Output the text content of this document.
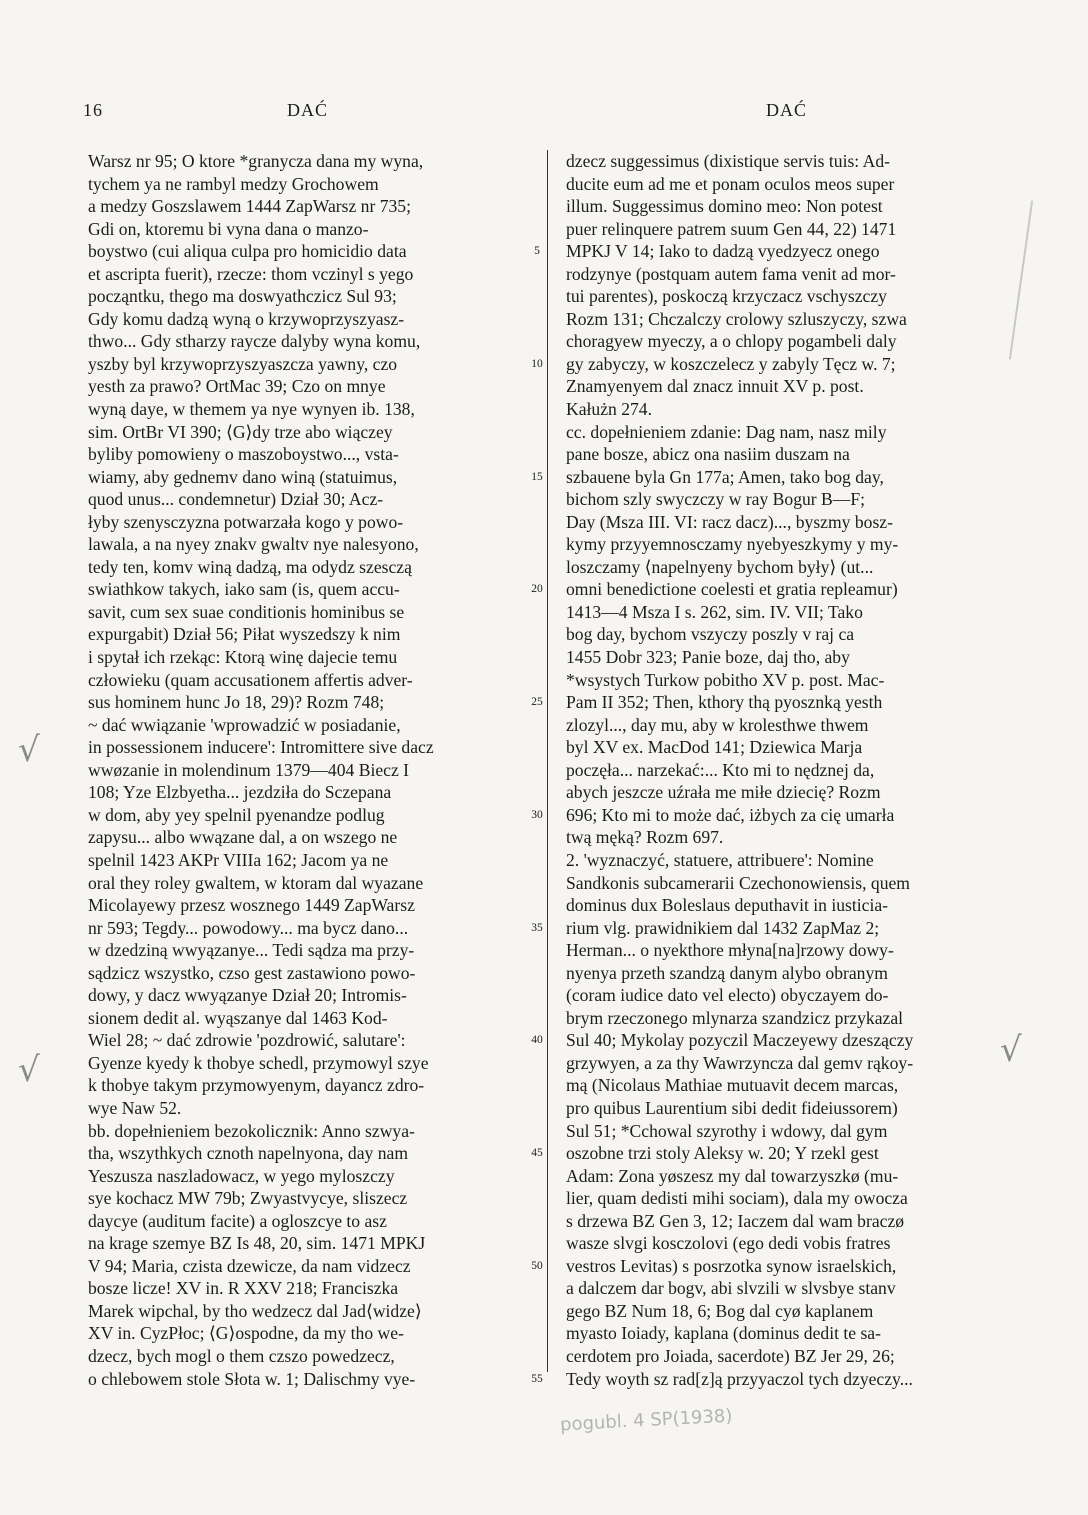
16	DAĆ	DAĆ
Warsz nr 95; O ktore *granycza dana my wyna,
tychem ya ne rambyl medzy Grochowem
a medzy Goszslawem 1444 ZapWarsz nr 735;
Gdi on, ktoremu bi vyna dana o manzo-
boystwo (cui aliqua culpa pro homicidio data
et ascripta fuerit), rzecze: thom vczinyl s yego
począntku, thego ma doswyathczicz Sul 93;
Gdy komu dadzą wyną o krzywoprzyszyasz-
thwo... Gdy stharzy raycze dalyby wyna komu,
yszby byl krzywoprzyszyaszcza yawny, czo
yesth za prawo? OrtMac 39; Czo on mnye
wyną daye, w themem ya nye wynyen ib. 138,
sim. OrtBr VI 390; ⟨G⟩dy trze abo wiączey
byliby pomowieny o maszoboystwo..., vsta-
wiamy, aby gednemv dano winą (statuimus,
quod unus... condemnetur) Dział 30; Acz-
łyby szenysczyzna potwarzała kogo y powo-
lawala, a na nyey znakv gwaltv nye nalesyono,
tedy ten, komv winą dadzą, ma odydz szesczą
swiathkow takych, iako sam (is, quem accu-
savit, cum sex suae conditionis hominibus se
expurgabit) Dział 56; Piłat wyszedszy k nim
i spytał ich rzekąc: Ktorą winę dajecie temu
człowieku (quam accusationem affertis adver-
sus hominem hunc Jo 18, 29)? Rozm 748;
~ dać wwiązanie 'wprowadzić w posiadanie,
in possessionem inducere': Intromittere sive dacz
wwøzanie in molendinum 1379—404 Biecz I
108; Yze Elzbyetha... jezdziła do Sczepana
w dom, aby yey spelnil pyenandze podlug
zapysu... albo wwązane dal, a on wszego ne
spelnil 1423 AKPr VIIIa 162; Jacom ya ne
oral they roley gwaltem, w ktoram dal wyazane
Micolayewy przesz wosznego 1449 ZapWarsz
nr 593; Tegdy... powodowy... ma bycz dano...
w dzedziną wwyązanye... Tedi sądza ma przy-
sądzicz wszystko, czso gest zastawiono powo-
dowy, y dacz wwyązanye Dział 20; Intromis-
sionem dedit al. wyąszanye dal 1463 Kod-
Wiel 28; ~ dać zdrowie 'pozdrowić, salutare':
Gyenze kyedy k thobye schedl, przymowyl szye
k thobye takym przymowyenym, dayancz zdro-
wye Naw 52.
bb. dopełnieniem bezokolicznik: Anno szwya-
tha, wszythkych cznoth napelnyona, day nam
Yeszusza naszladowacz, w yego myloszczy
sye kochacz MW 79b; Zwyastvycye, sliszecz
daycye (auditum facite) a ogloszcye to asz
na krage szemye BZ Is 48, 20, sim. 1471 MPKJ
V 94; Maria, czista dzewicze, da nam vidzecz
bosze licze! XV in. R XXV 218; Franciszka
Marek wipchal, by tho wedzecz dal Jad⟨widze⟩
XV in. CyzPłoc; ⟨G⟩ospodne, da my tho we-
dzecz, bych mogl o them czszo powedzecz,
o chlebowem stole Słota w. 1; Dalischmy vye-
5
10
15
20
25
30
35
40
45
50
55
dzecz suggessimus (dixistique servis tuis: Ad-
ducite eum ad me et ponam oculos meos super
illum. Suggessimus domino meo: Non potest
puer relinquere patrem suum Gen 44, 22) 1471
MPKJ V 14; Iako to dadzą vyedzyecz onego
rodzynye (postquam autem fama venit ad mor-
tui parentes), poskoczą krzyczacz vschyszczy
Rozm 131; Chczalczy crolowy szluszyczy, szwa
choragyew myeczy, a o chlopy pogambeli daly
gy zabyczy, w koszczelecz y zabyly Tęcz w. 7;
Znamyenyem dal znacz innuit XV p. post.
Kałużn 274.
cc. dopełnieniem zdanie: Dag nam, nasz mily
pane bosze, abicz ona nasiim duszam na
szbauene byla Gn 177a; Amen, tako bog day,
bichom szly swyczczy w ray Bogur B—F;
Day (Msza III. VI: racz dacz)..., byszmy bosz-
kymy przyyemnosczamy nyebyeszkymy y my-
loszczamy ⟨napelnyeny bychom były⟩ (ut...
omni benedictione coelesti et gratia repleamur)
1413—4 Msza I s. 262, sim. IV. VII; Tako
bog day, bychom vszyczy poszly v raj ca
1455 Dobr 323; Panie boze, daj tho, aby
*wsystych Turkow pobitho XV p. post. Mac-
Pam II 352; Then, kthory thą pyosznką yesth
zlozyl..., day mu, aby w krolesthwe thwem
byl XV ex. MacDod 141; Dziewica Marja
poczęła... narzekać:... Kto mi to nędznej da,
abych jeszcze uźrała me miłe dziecię? Rozm
696; Kto mi to może dać, iżbych za cię umarła
twą męką? Rozm 697.
2. 'wyznaczyć, statuere, attribuere': Nomine
Sandkonis subcamerarii Czechonowiensis, quem
dominus dux Boleslaus deputhavit in iusticia-
rium vlg. prawidnikiem dal 1432 ZapMaz 2;
Herman... o nyekthore młyna[na]rzowy dowy-
nyenya przeth szandzą danym alybo obranym
(coram iudice dato vel electo) obyczayem do-
brym rzeczonego mlynarza szandzicz przykazal
Sul 40; Mykolay pozyczil Maczeyewy dzeszączy
grzywyen, a za thy Wawrzyncza dal gemv rąkoy-
mą (Nicolaus Mathiae mutuavit decem marcas,
pro quibus Laurentium sibi dedit fideiussorem)
Sul 51; *Cchowal szyrothy i wdowy, dal gym
oszobne trzi stoly Aleksy w. 20; Y rzekl gest
Adam: Zona yøszesz my dal towarzyszkø (mu-
lier, quam dedisti mihi sociam), dala my owocza
s drzewa BZ Gen 3, 12; Iaczem dal wam braczø
wasze slvgi kosczolovi (ego dedi vobis fratres
vestros Levitas) s posrzotka synow israelskich,
a dalczem dar bogv, abi slvzili w slvsbye stanv
gego BZ Num 18, 6; Bog dal cyø kaplanem
myasto Ioiady, kaplana (dominus dedit te sa-
cerdotem pro Joiada, sacerdote) BZ Jer 29, 26;
Tedy woyth sz rad[z]ą przyyaczol tych dzyeczy...
√
√	√
pogubl. 4 SP(1938)
